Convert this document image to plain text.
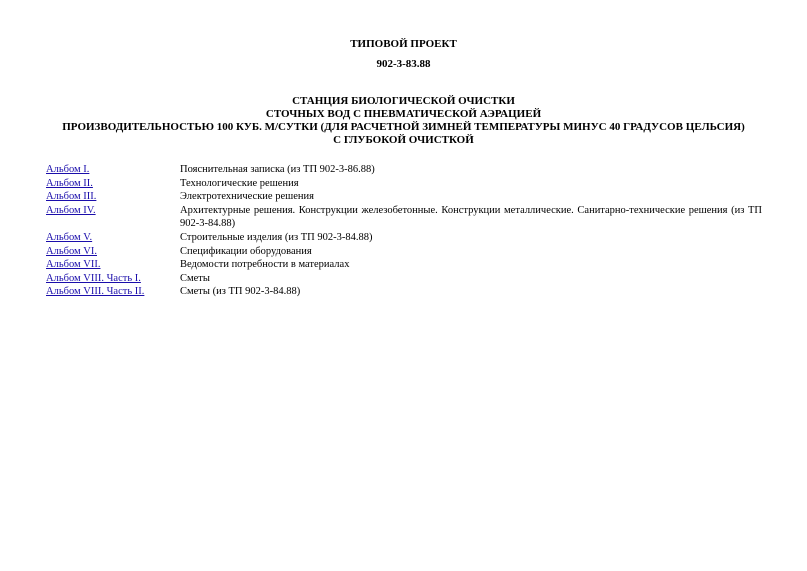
ТИПОВОЙ ПРОЕКТ
902-3-83.88
СТАНЦИЯ БИОЛОГИЧЕСКОЙ ОЧИСТКИ
СТОЧНЫХ ВОД С ПНЕВМАТИЧЕСКОЙ АЭРАЦИЕЙ
ПРОИЗВОДИТЕЛЬНОСТЬЮ 100 КУБ. М/СУТКИ (ДЛЯ РАСЧЕТНОЙ ЗИМНЕЙ ТЕМПЕРАТУРЫ МИНУС 40 ГРАДУСОВ ЦЕЛЬСИЯ) С ГЛУБОКОЙ ОЧИСТКОЙ
Альбом I.	Пояснительная записка (из ТП 902-3-86.88)
Альбом II.	Технологические решения
Альбом III.	Электротехнические решения
Альбом IV.	Архитектурные решения. Конструкции железобетонные. Конструкции металлические. Санитарно-технические решения (из ТП 902-3-84.88)
Альбом V.	Строительные изделия (из ТП 902-3-84.88)
Альбом VI.	Спецификации оборудования
Альбом VII.	Ведомости потребности в материалах
Альбом VIII. Часть I.	Сметы
Альбом VIII. Часть II.	Сметы (из ТП 902-3-84.88)
